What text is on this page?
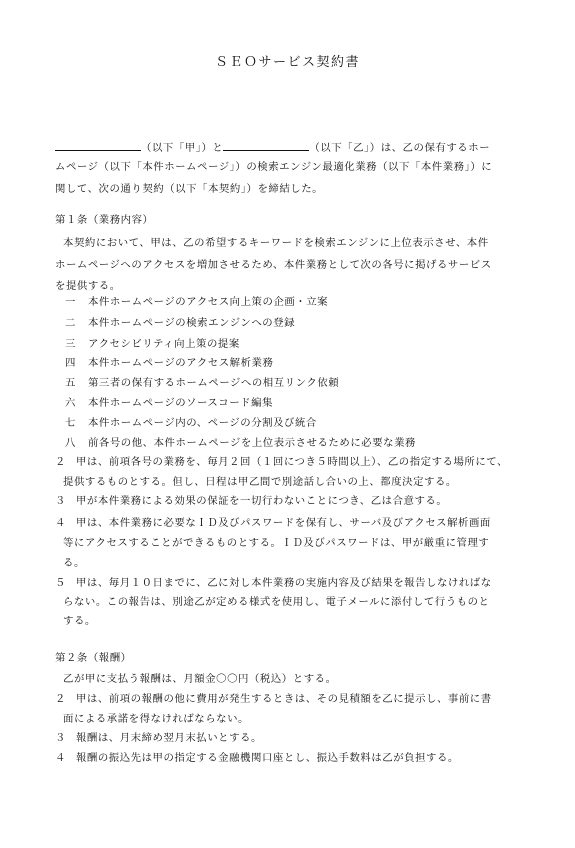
ＳＥＯサービス契約書
（以下「甲」）と	（以下「乙」）は、乙の保有するホー
ムページ（以下「本件ホームページ」）の検索エンジン最適化業務（以下「本件業務」）に
関して、次の通り契約（以下「本契約」）を締結した。
第１条（業務内容）
本契約において、甲は、乙の希望するキーワードを検索エンジンに上位表示させ、本件
ホームページへのアクセスを増加させるため、本件業務として次の各号に掲げるサービス
を提供する。
一 本件ホームページのアクセス向上策の企画・立案
二 本件ホームページの検索エンジンへの登録
三 アクセシビリティ向上策の提案
四 本件ホームページのアクセス解析業務
五 第三者の保有するホームページへの相互リンク依頼
六 本件ホームページのソースコード編集
七 本件ホームページ内の、ページの分割及び統合
八 前各号の他、本件ホームページを上位表示させるために必要な業務
２ 甲は、前項各号の業務を、毎月２回（１回につき５時間以上）、乙の指定する場所にて、
提供するものとする。但し、日程は甲乙間で別途話し合いの上、都度決定する。
３ 甲が本件業務による効果の保証を一切行わないことにつき、乙は合意する。
４ 甲は、本件業務に必要なＩＤ及びパスワードを保有し、サーバ及びアクセス解析画面
等にアクセスすることができるものとする。ＩＤ及びパスワードは、甲が厳重に管理す
る。
５ 甲は、毎月１０日までに、乙に対し本件業務の実施内容及び結果を報告しなければな
らない。この報告は、別途乙が定める様式を使用し、電子メールに添付して行うものと
する。
第２条（報酬）
乙が甲に支払う報酬は、月額金〇〇円（税込）とする。
２ 甲は、前項の報酬の他に費用が発生するときは、その見積額を乙に提示し、事前に書
面による承諾を得なければならない。
３ 報酬は、月末締め翌月末払いとする。
４ 報酬の振込先は甲の指定する金融機関口座とし、振込手数料は乙が負担する。
